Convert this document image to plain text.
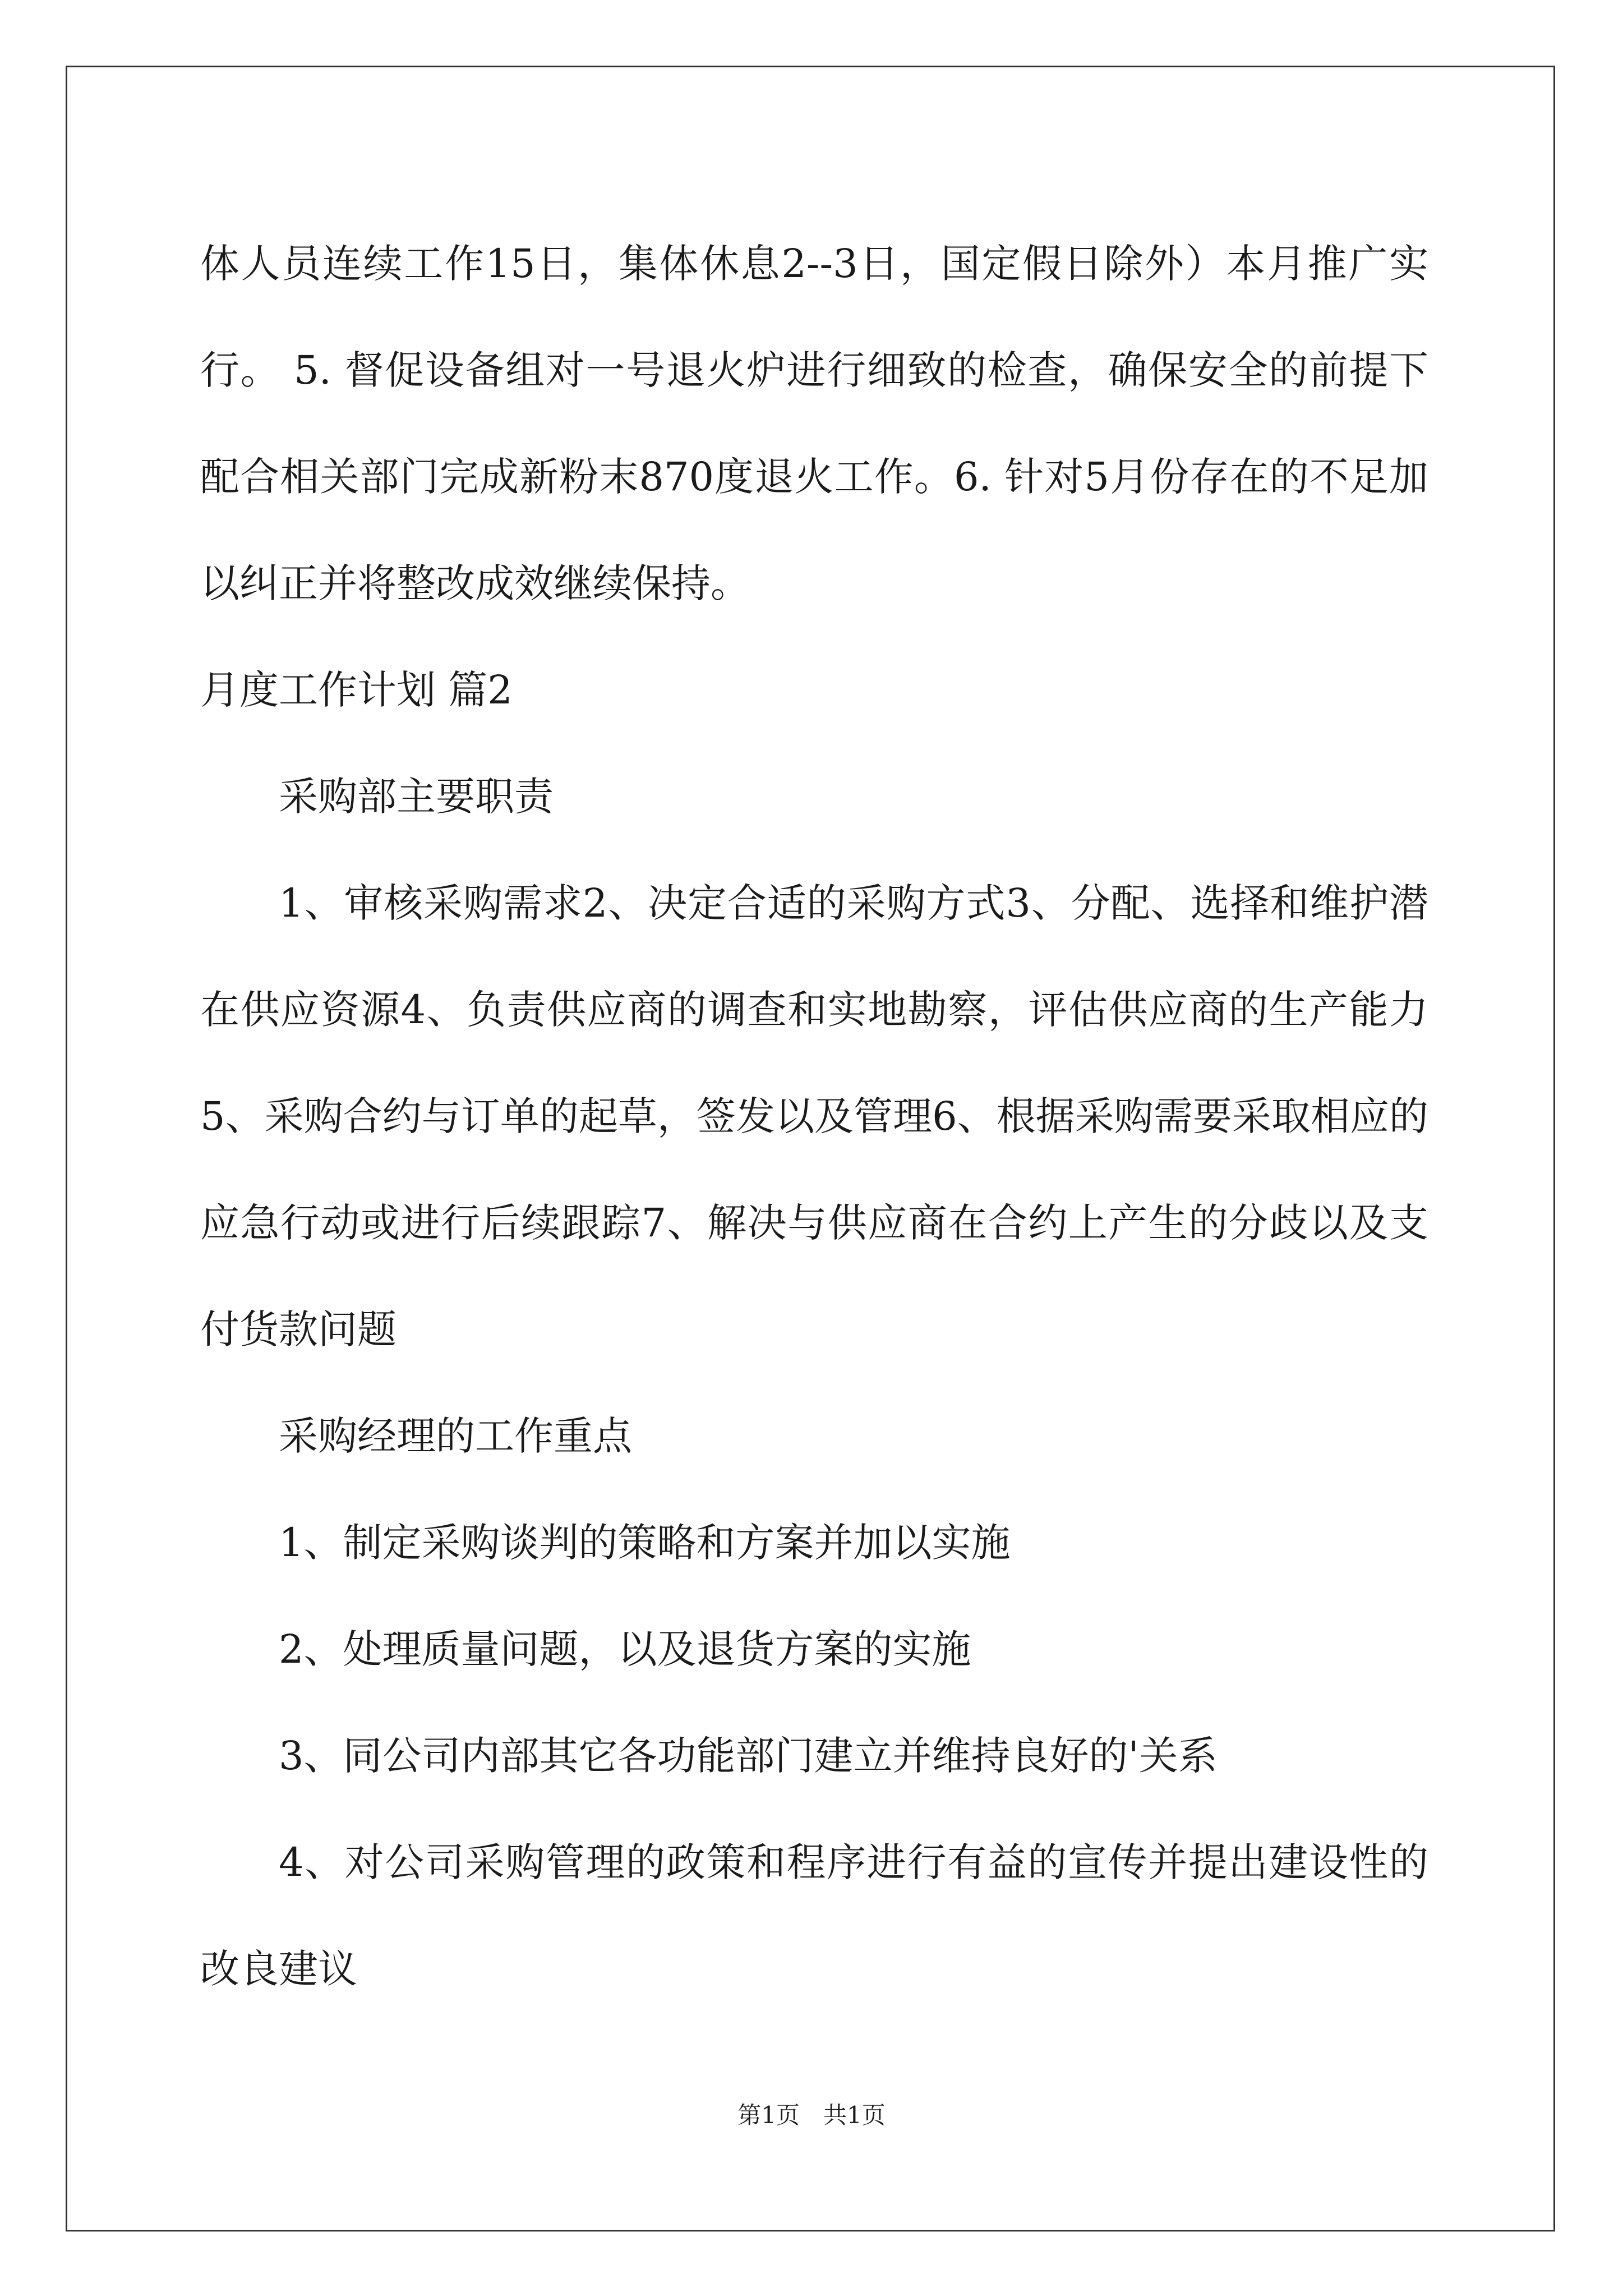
体人员连续工作15日，集体休息2--3日，国定假日除外）本月推广实行。 5. 督促设备组对一号退火炉进行细致的检查，确保安全的前提下 配合相关部门完成新粉末870度退火工作。6. 针对5月份存在的不足加以纠正并将整改成效继续保持。

月度工作计划 篇2

采购部主要职责

1、审核采购需求2、决定合适的采购方式3、分配、选择和维护潜在供应资源4、负责供应商的调查和实地勘察，评估供应商的生产能力5、采购合约与订单的起草，签发以及管理6、根据采购需要采取相应的应急行动或进行后续跟踪7、解决与供应商在合约上产生的分歧以及支付货款问题

采购经理的工作重点

1、制定采购谈判的策略和方案并加以实施

2、处理质量问题，以及退货方案的实施

3、同公司内部其它各功能部门建立并维持良好的'关系

4、对公司采购管理的政策和程序进行有益的宣传并提出建设性的改良建议

第1页　共1页
